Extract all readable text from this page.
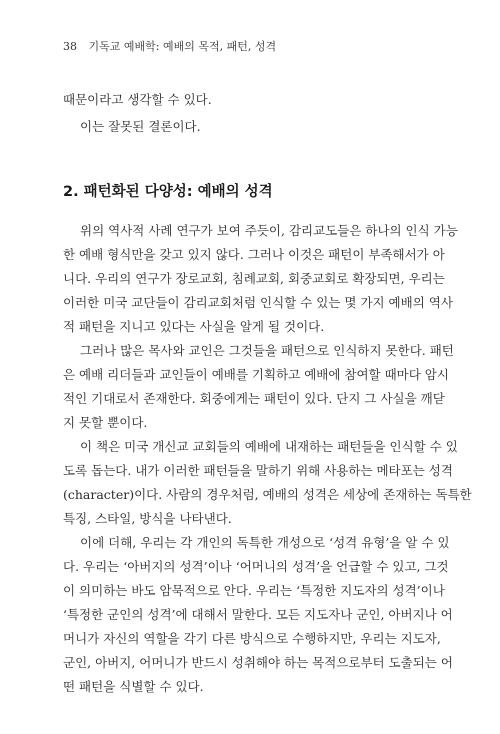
38 기독교 예배학: 예배의 목적, 패턴, 성격
때문이라고 생각할 수 있다.
이는 잘못된 결론이다.
2. 패턴화된 다양성: 예배의 성격
위의 역사적 사례 연구가 보여 주듯이, 감리교도들은 하나의 인식 가능
한 예배 형식만을 갖고 있지 않다. 그러나 이것은 패턴이 부족해서가 아
니다. 우리의 연구가 장로교회, 침례교회, 회중교회로 확장되면, 우리는
이러한 미국 교단들이 감리교회처럼 인식할 수 있는 몇 가지 예배의 역사
적 패턴을 지니고 있다는 사실을 알게 될 것이다.
그러나 많은 목사와 교인은 그것들을 패턴으로 인식하지 못한다. 패턴
은 예배 리더들과 교인들이 예배를 기획하고 예배에 참여할 때마다 암시
적인 기대로서 존재한다. 회중에게는 패턴이 있다. 단지 그 사실을 깨닫
지 못할 뿐이다.
이 책은 미국 개신교 교회들의 예배에 내재하는 패턴들을 인식할 수 있
도록 돕는다. 내가 이러한 패턴들을 말하기 위해 사용하는 메타포는 성격
(character)이다. 사람의 경우처럼, 예배의 성격은 세상에 존재하는 독특한
특징, 스타일, 방식을 나타낸다.
이에 더해, 우리는 각 개인의 독특한 개성으로 ‘성격 유형’을 알 수 있
다. 우리는 ‘아버지의 성격’이나 ‘어머니의 성격’을 언급할 수 있고, 그것
이 의미하는 바도 암묵적으로 안다. 우리는 ‘특정한 지도자의 성격’이나
‘특정한 군인의 성격’에 대해서 말한다. 모든 지도자나 군인, 아버지나 어
머니가 자신의 역할을 각기 다른 방식으로 수행하지만, 우리는 지도자,
군인, 아버지, 어머니가 반드시 성취해야 하는 목적으로부터 도출되는 어
떤 패턴을 식별할 수 있다.
